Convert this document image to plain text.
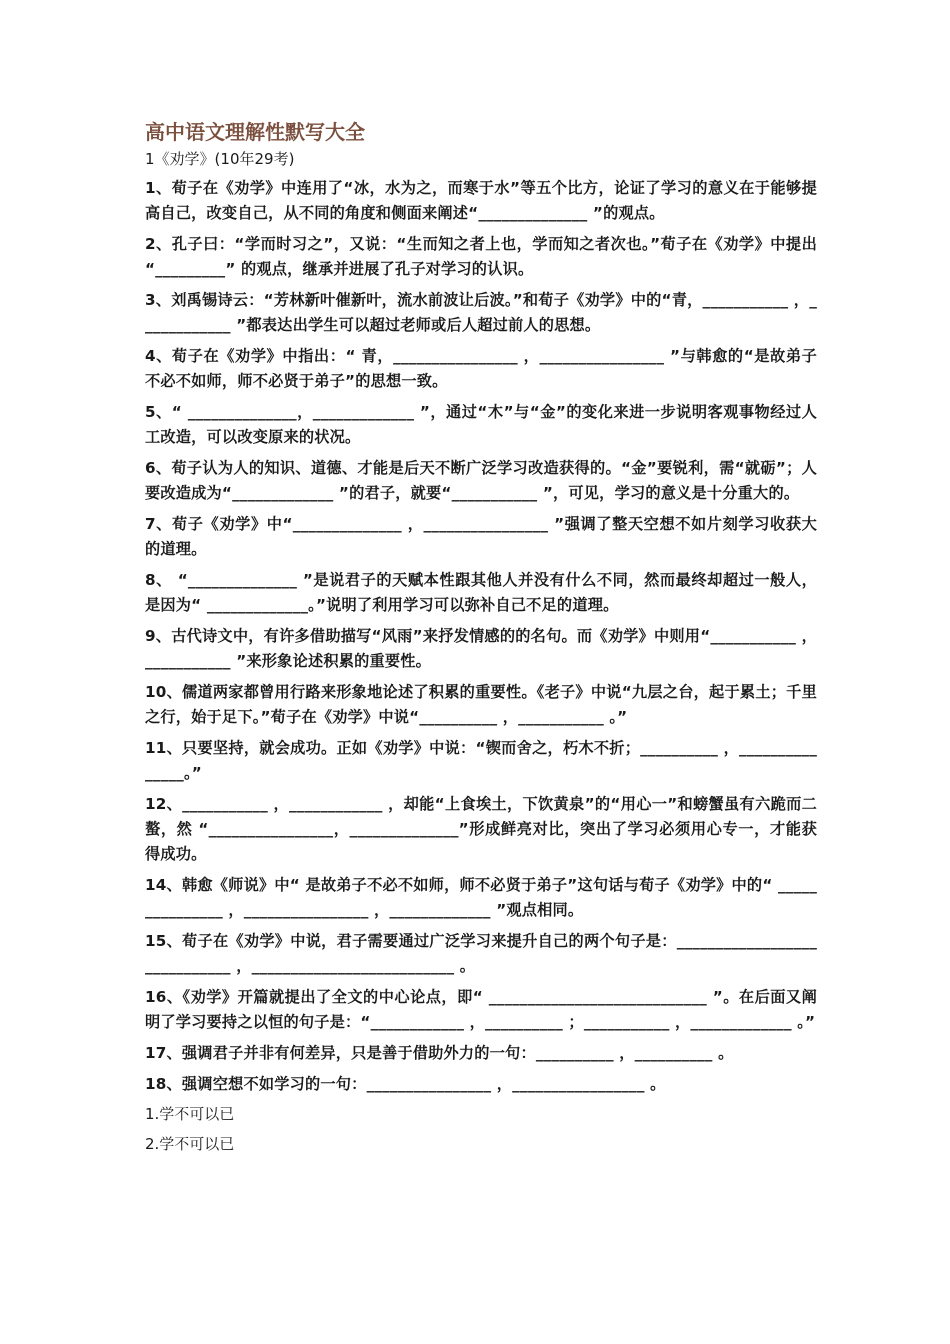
高中语文理解性默写大全
1《劝学》(10年29考)
1、荀子在《劝学》中连用了“冰，水为之，而寒于水”等五个比方，论证了学习的意义在于能够提高自己，改变自己，从不同的角度和侧面来阐述“______________ ”的观点。
2、孔子曰：“学而时习之”，又说：“生而知之者上也，学而知之者次也。”荀子在《劝学》中提出 “_________” 的观点，继承并进展了孔子对学习的认识。
3、刘禹锡诗云：“芳林新叶催新叶，流水前波让后波。”和荀子《劝学》中的“青，___________ ，____________ ”都表达出学生可以超过老师或后人超过前人的思想。
4、荀子在《劝学》中指出：“ 青，________________ ，________________ ”与韩愈的“是故弟子不必不如师，师不必贤于弟子”的思想一致。
5、“ ______________，_____________ ”，通过“木”与“金”的变化来进一步说明客观事物经过人工改造，可以改变原来的状况。
6、荀子认为人的知识、道德、才能是后天不断广泛学习改造获得的。“金”要锐利，需“就砺”；人要改造成为“_____________ ”的君子，就要“___________ ”，可见，学习的意义是十分重大的。
7、荀子《劝学》中“______________ ，________________ ”强调了整天空想不如片刻学习收获大的道理。
8、 “______________ ”是说君子的天赋本性跟其他人并没有什么不同，然而最终却超过一般人，是因为“ _____________。”说明了利用学习可以弥补自己不足的道理。
9、古代诗文中，有许多借助描写“风雨”来抒发情感的的名句。而《劝学》中则用“___________ ，___________ ”来形象论述积累的重要性。
10、儒道两家都曾用行路来形象地论述了积累的重要性。《老子》中说“九层之台，起于累土；千里之行，始于足下。”荀子在《劝学》中说“__________ ，___________ 。”
11、只要坚持，就会成功。正如《劝学》中说：“锲而舍之，朽木不折；__________ ，_______________。”
12、___________ ，____________ ，却能“上食埃土，下饮黄泉”的“用心一”和螃蟹虽有六跪而二螯，然 “________________，______________”形成鲜亮对比，突出了学习必须用心专一，才能获得成功。
14、韩愈《师说》中“ 是故弟子不必不如师，师不必贤于弟子”这句话与荀子《劝学》中的“ _______________ ，________________ ，_____________ ”观点相同。
15、荀子在《劝学》中说，君子需要通过广泛学习来提升自己的两个句子是：_____________________________ ，__________________________ 。
16、《劝学》开篇就提出了全文的中心论点，即“ ____________________________ ”。在后面又阐明了学习要持之以恒的句子是：“____________ ，__________ ；___________ ，_____________ 。”
17、强调君子并非有何差异，只是善于借助外力的一句：__________ ，__________ 。
18、强调空想不如学习的一句：________________ ，_________________ 。
1.学不可以已
2.学不可以已
